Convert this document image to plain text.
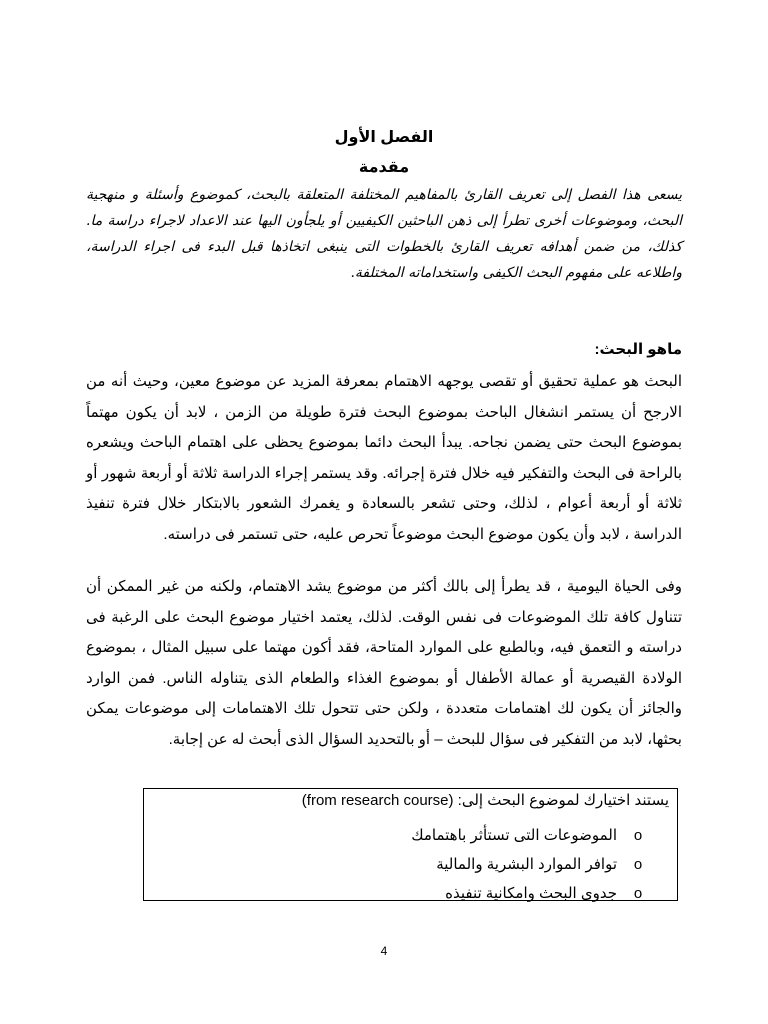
الفصل الأول
مقدمة

يسعى هذا الفصل إلى تعريف القارئ بالمفاهيم المختلفة المتعلقة بالبحث، كموضوع وأسئلة و منهجية البحث، وموضوعات أخرى تطرأ إلى ذهن الباحثين الكيفيين أو يلجأون اليها عند الاعداد لاجراء دراسة ما. كذلك، من ضمن أهدافه تعريف القارئ بالخطوات التى ينبغى اتخاذها قبل البدء فى اجراء الدراسة، واطلاعه على مفهوم البحث الكيفى واستخداماته المختلفة.

ماهو البحث:

البحث هو عملية تحقيق أو تقصى يوجهه الاهتمام بمعرفة المزيد عن موضوع معين، وحيث أنه من الارجح أن يستمر انشغال الباحث بموضوع البحث فترة طويلة من الزمن ، لابد أن يكون مهتماً بموضوع البحث حتى يضمن نجاحه. يبدأ البحث دائما بموضوع يحظى على اهتمام الباحث ويشعره بالراحة فى البحث والتفكير فيه خلال فترة إجرائه. وقد يستمر إجراء الدراسة ثلاثة أو أربعة شهور أو ثلاثة أو أربعة أعوام ، لذلك، وحتى تشعر بالسعادة و يغمرك الشعور بالابتكار خلال فترة تنفيذ الدراسة ، لابد وأن يكون موضوع البحث موضوعاً تحرص عليه، حتى تستمر فى دراسته.

وفى الحياة اليومية ، قد يطرأ إلى بالك أكثر من موضوع يشد الاهتمام، ولكنه من غير الممكن أن تتناول كافة تلك الموضوعات فى نفس الوقت. لذلك، يعتمد اختيار موضوع البحث على الرغبة فى دراسته و التعمق فيه، وبالطبع على الموارد المتاحة، فقد أكون مهتما على سبيل المثال ، بموضوع الولادة القيصرية أو عمالة الأطفال أو بموضوع الغذاء والطعام الذى يتناوله الناس. فمن الوارد والجائز أن يكون لك اهتمامات متعددة ، ولكن حتى تتحول تلك الاهتمامات إلى موضوعات يمكن بحثها، لابد من التفكير فى سؤال للبحث – أو بالتحديد السؤال الذى أبحث له عن إجابة.

يستند اختيارك لموضوع البحث إلى: (from research course)
o
الموضوعات التى تستأثر باهتمامك
o
توافر الموارد البشرية والمالية
o
جدوى البحث وامكانية تنفيذه
4
